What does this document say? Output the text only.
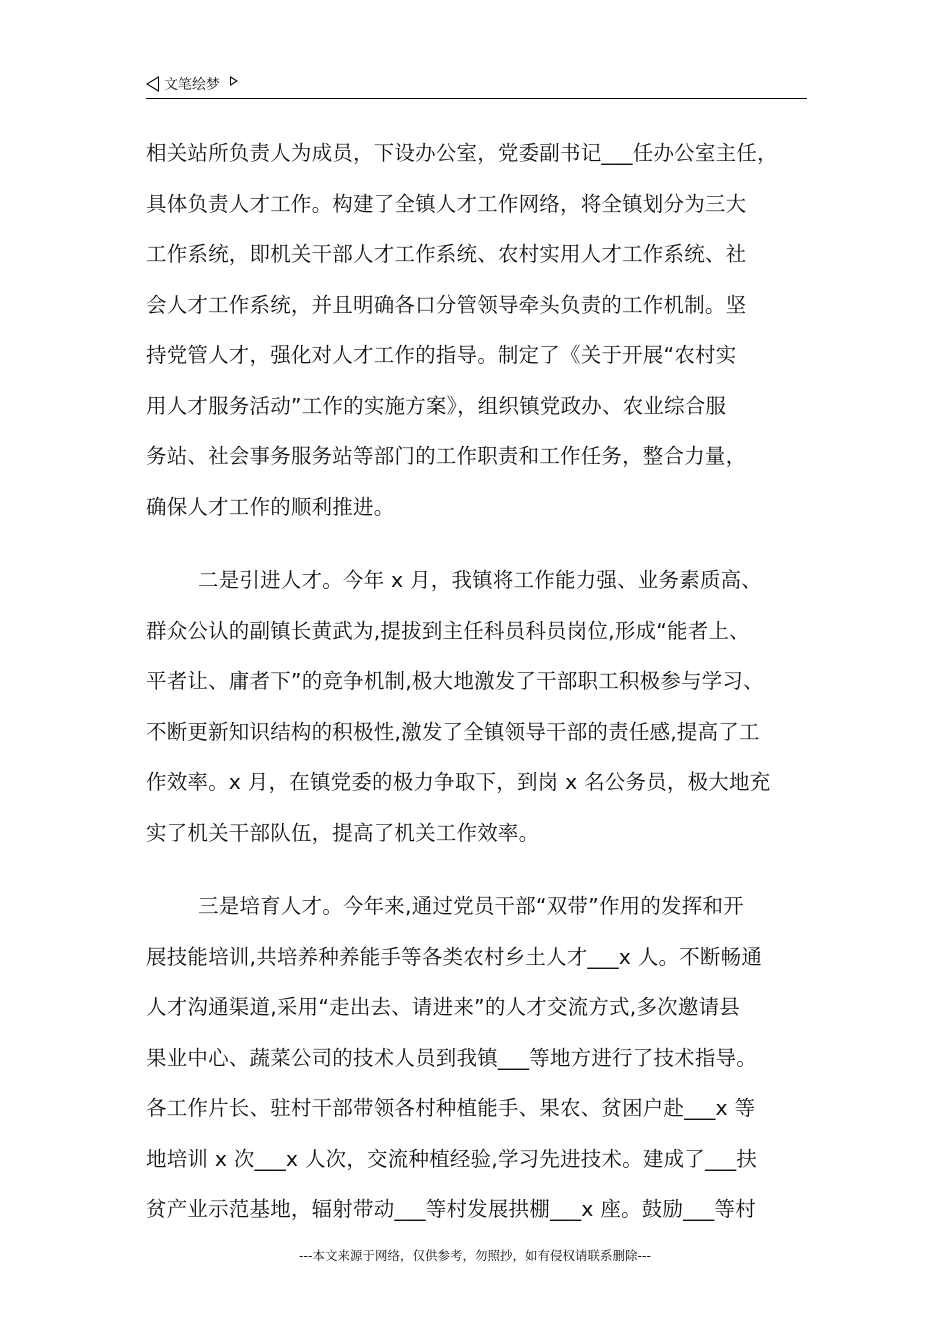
文笔绘梦
相关站所负责人为成员，下设办公室，党委副书记___任办公室主任，
具体负责人才工作。构建了全镇人才工作网络，将全镇划分为三大
工作系统，即机关干部人才工作系统、农村实用人才工作系统、社
会人才工作系统，并且明确各口分管领导牵头负责的工作机制。坚
持党管人才，强化对人才工作的指导。制定了《关于开展“农村实
用人才服务活动”工作的实施方案》，组织镇党政办、农业综合服
务站、社会事务服务站等部门的工作职责和工作任务，整合力量，
确保人才工作的顺利推进。
二是引进人才。今年 x 月，我镇将工作能力强、业务素质高、
群众公认的副镇长黄武为,提拔到主任科员科员岗位,形成“能者上、
平者让、庸者下”的竞争机制,极大地激发了干部职工积极参与学习、
不断更新知识结构的积极性,激发了全镇领导干部的责任感,提高了工
作效率。x 月，在镇党委的极力争取下，到岗 x 名公务员，极大地充
实了机关干部队伍，提高了机关工作效率。
三是培育人才。今年来,通过党员干部“双带”作用的发挥和开
展技能培训,共培养种养能手等各类农村乡土人才___x 人。不断畅通
人才沟通渠道,采用“走出去、请进来”的人才交流方式,多次邀请县
果业中心、蔬菜公司的技术人员到我镇___等地方进行了技术指导。
各工作片长、驻村干部带领各村种植能手、果农、贫困户赴___x 等
地培训 x 次___x 人次，交流种植经验,学习先进技术。建成了___扶
贫产业示范基地，辐射带动___等村发展拱棚___x 座。鼓励___等村
---本文来源于网络，仅供参考，勿照抄，如有侵权请联系删除---
